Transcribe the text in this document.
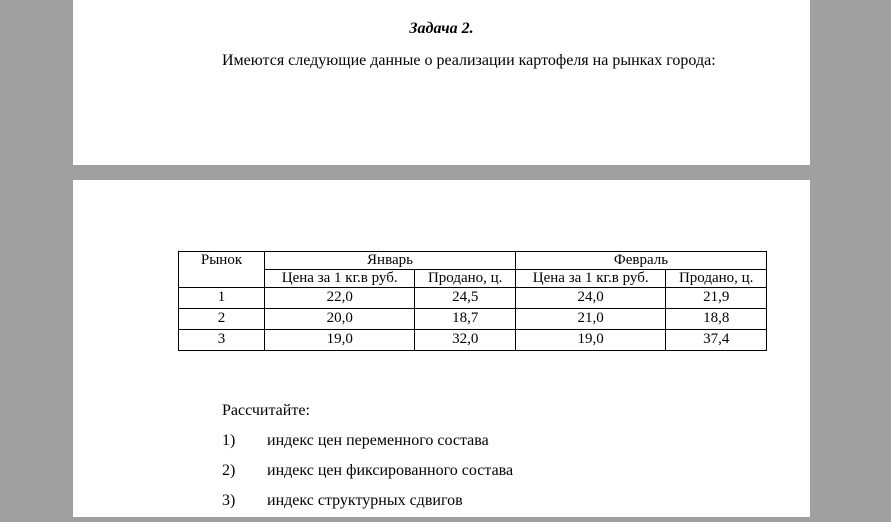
Задача 2.

Имеются следующие данные о реализации картофеля на рынках города:

Рынок	Январь		Февраль	
	Цена за 1 кг.в руб.	Продано, ц.	Цена за 1 кг.в руб.	Продано, ц.
1	22,0	24,5	24,0	21,9
2	20,0	18,7	21,0	18,8
3	19,0	32,0	19,0	37,4

Рассчитайте:

1) индекс цен переменного состава
2) индекс цен фиксированного состава
3) индекс структурных сдвигов
